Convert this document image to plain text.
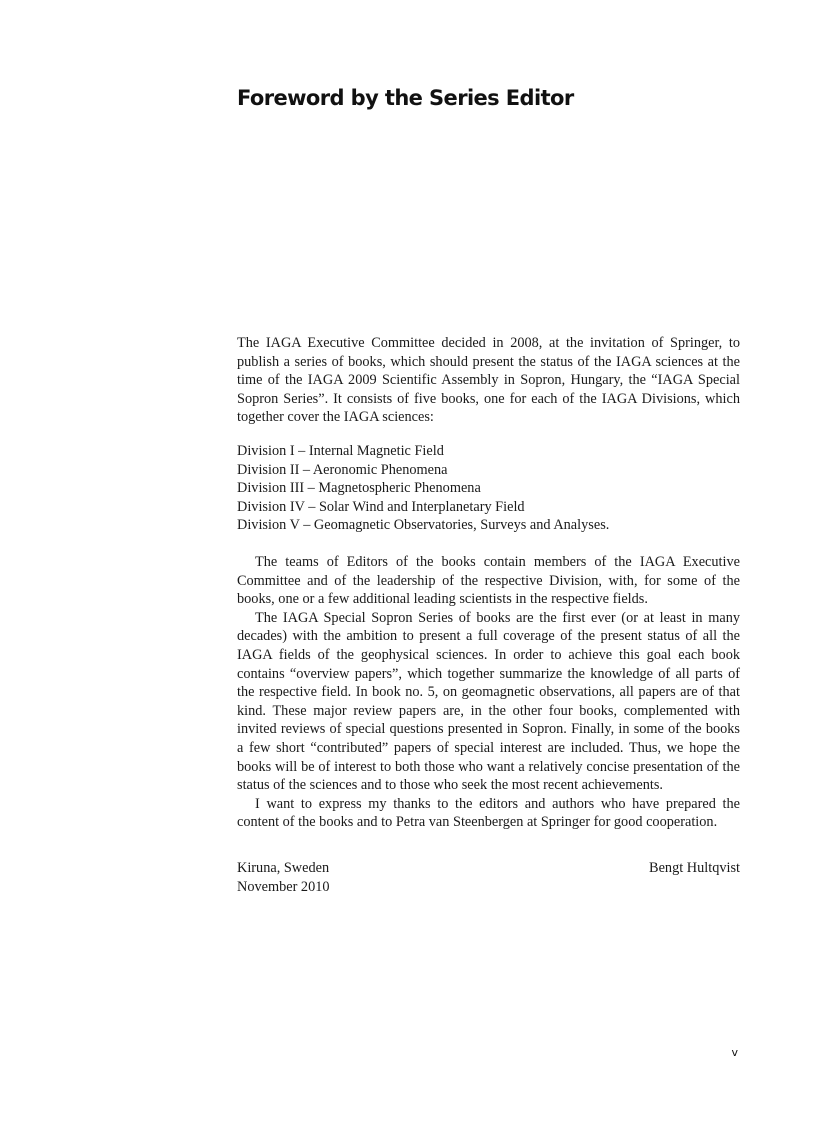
Foreword by the Series Editor

The IAGA Executive Committee decided in 2008, at the invitation of Springer, to publish a series of books, which should present the status of the IAGA sciences at the time of the IAGA 2009 Scientific Assembly in Sopron, Hungary, the “IAGA Special Sopron Series”. It consists of five books, one for each of the IAGA Divisions, which together cover the IAGA sciences:

Division I – Internal Magnetic Field
Division II – Aeronomic Phenomena
Division III – Magnetospheric Phenomena
Division IV – Solar Wind and Interplanetary Field
Division V – Geomagnetic Observatories, Surveys and Analyses.

The teams of Editors of the books contain members of the IAGA Executive Committee and of the leadership of the respective Division, with, for some of the books, one or a few additional leading scientists in the respective fields.

The IAGA Special Sopron Series of books are the first ever (or at least in many decades) with the ambition to present a full coverage of the present status of all the IAGA fields of the geophysical sciences. In order to achieve this goal each book contains “overview papers”, which together summarize the knowledge of all parts of the respective field. In book no. 5, on geomagnetic observations, all papers are of that kind. These major review papers are, in the other four books, complemented with invited reviews of special questions presented in Sopron. Finally, in some of the books a few short “contributed” papers of special interest are included. Thus, we hope the books will be of interest to both those who want a relatively concise presentation of the status of the sciences and to those who seek the most recent achievements.

I want to express my thanks to the editors and authors who have prepared the content of the books and to Petra van Steenbergen at Springer for good cooperation.

Kiruna, Sweden	Bengt Hultqvist
November 2010
v
